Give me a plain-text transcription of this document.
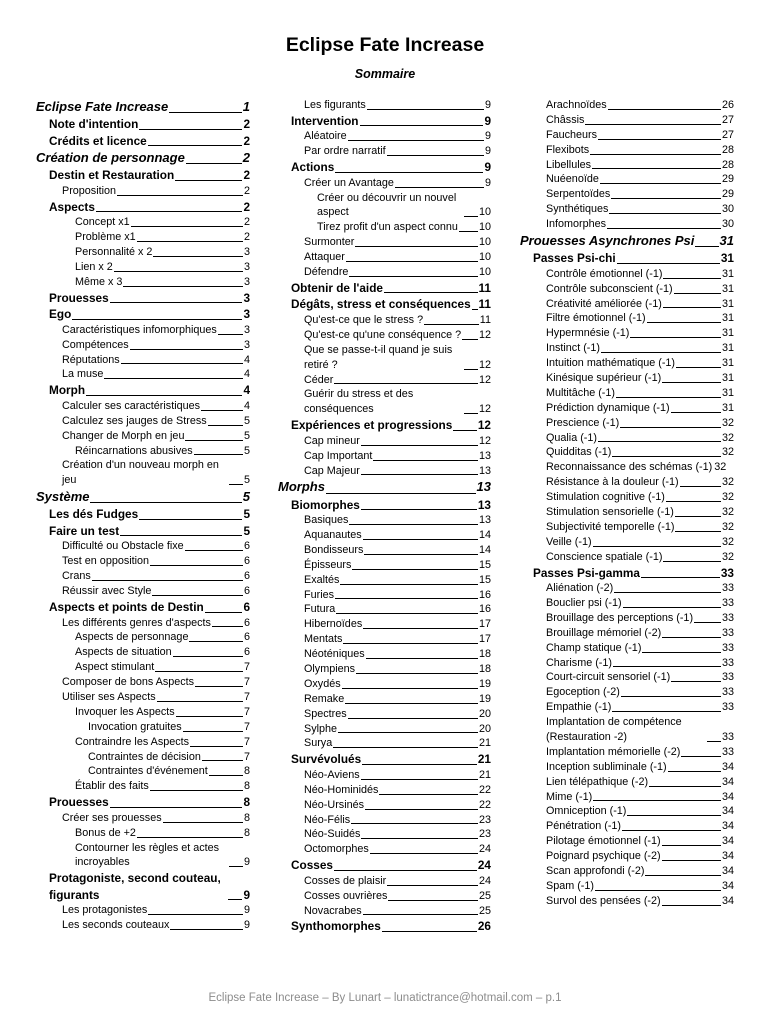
Eclipse Fate Increase
Sommaire
Eclipse Fate Increase	1
Note d'intention	2
Crédits et licence	2
Création de personnage	2
Destin et Restauration	2
Proposition	2
Aspects	2
Concept x1	2
Problème x1	2
Personnalité x 2	3
Lien x 2	3
Même x 3	3
Prouesses	3
Ego	3
Caractéristiques infomorphiques	3
Compétences	3
Réputations	4
La muse	4
Morph	4
Calculer ses caractéristiques	4
Calculez ses jauges de Stress	5
Changer de Morph en jeu	5
Réincarnations abusives	5
Création d'un nouveau morph en jeu	5
Système	5
Les dés Fudges	5
Faire un test	5
Difficulté ou Obstacle fixe	6
Test en opposition	6
Crans	6
Réussir avec Style	6
Aspects et points de Destin	6
Les différents genres d'aspects	6
Aspects de personnage	6
Aspects de situation	6
Aspect stimulant	7
Composer de bons Aspects	7
Utiliser ses Aspects	7
Invoquer les Aspects	7
Invocation gratuites	7
Contraindre les Aspects	7
Contraintes de décision	7
Contraintes d'événement	8
Établir des faits	8
Prouesses	8
Créer ses prouesses	8
Bonus de +2	8
Contourner les règles et actes incroyables	9
Protagoniste, second couteau, figurants	9
Les protagonistes	9
Les seconds couteaux	9
Les figurants	9
Intervention	9
Aléatoire	9
Par ordre narratif	9
Actions	9
Créer un Avantage	9
Créer ou découvrir un nouvel aspect	10
Tirez profit d'un aspect connu 10
Surmonter	10
Attaquer	10
Défendre	10
Obtenir de l'aide	11
Dégâts, stress et conséquences 11
Qu'est-ce que le stress ?	11
Qu'est-ce qu'une conséquence ? 12
Que se passe-t-il quand je suis retiré ?	12
Céder	12
Guérir du stress et des conséquences	12
Expériences et progressions 12
Cap mineur	12
Cap Important	13
Cap Majeur	13
Morphs	13
Biomorphes	13
Basiques	13
Aquanautes	14
Bondisseurs	14
Épisseurs	15
Exaltés	15
Furies	16
Futura	16
Hibernoïdes	17
Mentats	17
Néoténiques	18
Olympiens	18
Oxydés	19
Remake	19
Spectres	20
Sylphe	20
Surya	21
Survévolués	21
Néo-Aviens	21
Néo-Hominidés	22
Néo-Ursinés	22
Néo-Félis	23
Néo-Suidés	23
Octomorphes	24
Cosses	24
Cosses de plaisir	24
Cosses ouvrières	25
Novacrabes	25
Synthomorphes	26
Arachnoïdes	26
Châssis	27
Faucheurs	27
Flexibots	28
Libellules	28
Nuéenoïde	29
Serpentoïdes	29
Synthétiques	30
Infomorphes	30
Prouesses Asynchrones Psi 31
Passes Psi-chi	31
Contrôle émotionnel (-1)	31
Contrôle subconscient (-1)	31
Créativité améliorée (-1)	31
Filtre émotionnel (-1)	31
Hypermnésie (-1)	31
Instinct (-1)	31
Intuition mathématique (-1)	31
Kinésique supérieur (-1)	31
Multitâche (-1)	31
Prédiction dynamique (-1)	31
Prescience (-1)	32
Qualia (-1)	32
Quidditas (-1)	32
Reconnaissance des schémas (-1) 32
Résistance à la douleur (-1)	32
Stimulation cognitive (-1)	32
Stimulation sensorielle (-1)	32
Subjectivité temporelle (-1)	32
Veille (-1)	32
Conscience spatiale (-1)	32
Passes Psi-gamma	33
Aliénation (-2)	33
Bouclier psi (-1)	33
Brouillage des perceptions (-1)	33
Brouillage mémoriel (-2)	33
Champ statique (-1)	33
Charisme (-1)	33
Court-circuit sensoriel (-1)	33
Egoception (-2)	33
Empathie (-1)	33
Implantation de compétence (Restauration -2)	33
Implantation mémorielle (-2)	33
Inception subliminale (-1)	34
Lien télépathique (-2)	34
Mime (-1)	34
Omniception (-1)	34
Pénétration (-1)	34
Pilotage émotionnel (-1)	34
Poignard psychique (-2)	34
Scan approfondi (-2)	34
Spam (-1)	34
Survol des pensées (-2)	34
Eclipse Fate Increase – By Lunart – lunatictrance@hotmail.com – p.1
